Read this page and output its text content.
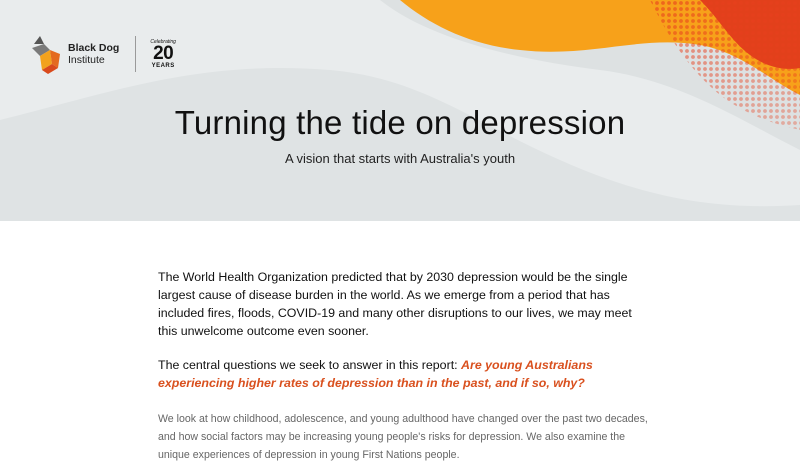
Black Dog
Institute
Celebrating
20
YEARS
Turning the tide on depression

A vision that starts with Australia's youth

The World Health Organization predicted that by 2030 depression would be the single largest cause of disease burden in the world. As we emerge from a period that has included fires, floods, COVID-19 and many other disruptions to our lives, we may meet this unwelcome outcome even sooner.

The central questions we seek to answer in this report: Are young Australians experiencing higher rates of depression than in the past, and if so, why?

We look at how childhood, adolescence, and young adulthood have changed over the past two decades, and how social factors may be increasing young people's risks for depression. We also examine the unique experiences of depression in young First Nations people.
